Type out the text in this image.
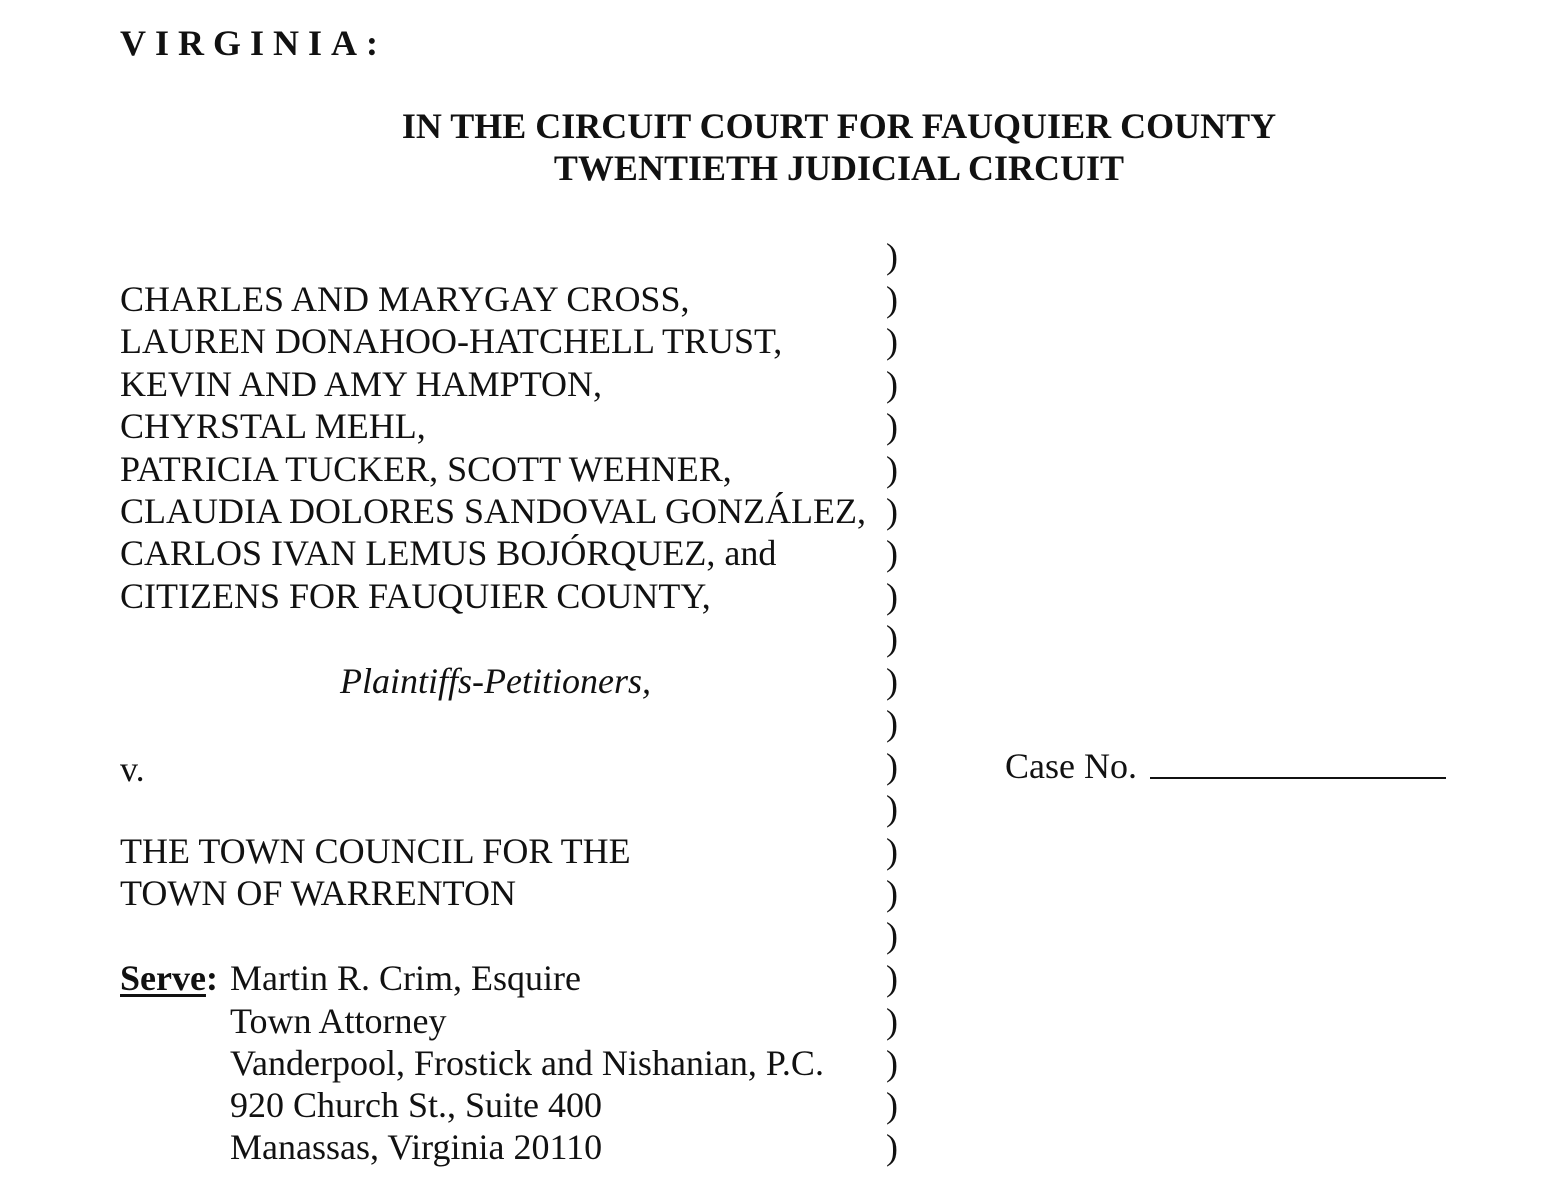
VIRGINIA:

IN THE CIRCUIT COURT FOR FAUQUIER COUNTY

TWENTIETH JUDICIAL CIRCUIT

CHARLES AND MARYGAY CROSS,

LAUREN DONAHOO-HATCHELL TRUST,

KEVIN AND AMY HAMPTON,

CHYRSTAL MEHL,

PATRICIA TUCKER, SCOTT WEHNER,

CLAUDIA DOLORES SANDOVAL GONZÁLEZ,

CARLOS IVAN LEMUS BOJÓRQUEZ, and

CITIZENS FOR FAUQUIER COUNTY,

Plaintiffs-Petitioners,

v.

THE TOWN COUNCIL FOR THE

TOWN OF WARRENTON

Serve: Martin R. Crim, Esquire

Town Attorney

Vanderpool, Frostick and Nishanian, P.C.

920 Church St., Suite 400

Manassas, Virginia 20110

)

)

)

)

)

)

)

)

)

)

)

)

)

)

)

)

)

)

)

)

)

)

Case No.
